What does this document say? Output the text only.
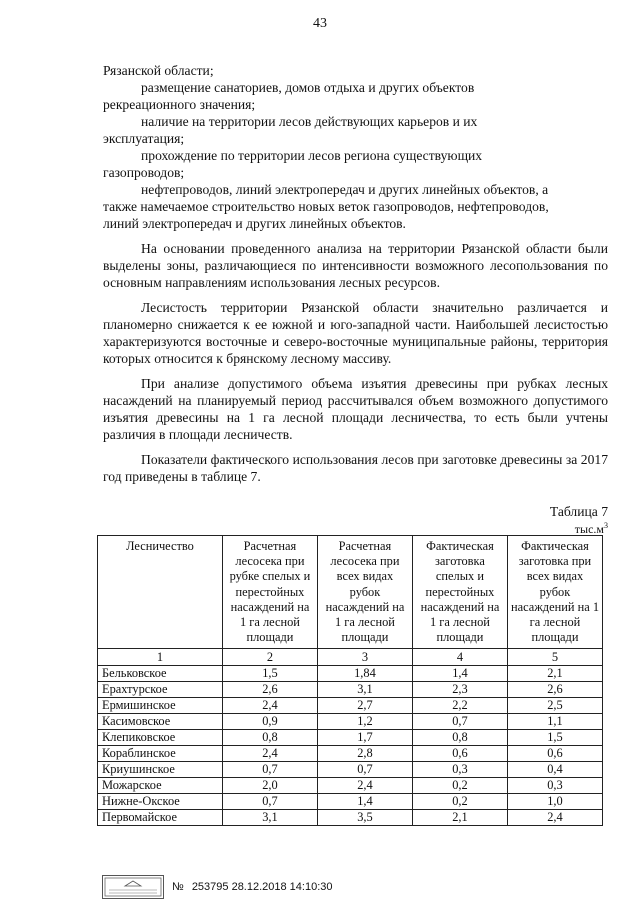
43

Рязанской области;

размещение санаториев, домов отдыха и других объектов

рекреационного значения;

наличие на территории лесов действующих карьеров и их

эксплуатация;

прохождение по территории лесов региона существующих

газопроводов;

нефтепроводов, линий электропередач и других линейных объектов, а

также намечаемое строительство новых веток газопроводов, нефтепроводов,

линий электропередач и других линейных объектов.

На основании проведенного анализа на территории Рязанской области были выделены зоны, различающиеся по интенсивности возможного лесопользования по основным направлениям использования лесных ресурсов.

Лесистость территории Рязанской области значительно различается и планомерно снижается к ее южной и юго-западной части. Наибольшей лесистостью характеризуются восточные и северо-восточные муниципальные районы, территория которых относится к брянскому лесному массиву.

При анализе допустимого объема изъятия древесины при рубках лесных насаждений на планируемый период рассчитывался объем возможного допустимого изъятия древесины на 1 га лесной площади лесничества, то есть были учтены различия в площади лесничеств.

Показатели фактического использования лесов при заготовке древесины за 2017 год приведены в таблице 7.

Таблица 7
$тыс.м^3$
Лесничество	Расчетная лесосека при рубке спелых и перестойных насаждений на 1 га лесной площади	Расчетная лесосека при всех видах рубок насаждений на 1 га лесной площади	Фактическая заготовка спелых и перестойных насаждений на 1 га лесной площади	Фактическая заготовка при всех видах рубок насаждений на 1 га лесной площади
1	2	3	4	5
Бельковское	1,5	1,84	1,4	2,1
Ерахтурское	2,6	3,1	2,3	2,6
Ермишинское	2,4	2,7	2,2	2,5
Касимовское	0,9	1,2	0,7	1,1
Клепиковское	0,8	1,7	0,8	1,5
Кораблинское	2,4	2,8	0,6	0,6
Криушинское	0,7	0,7	0,3	0,4
Можарское	2,0	2,4	0,2	0,3
Нижне-Окское	0,7	1,4	0,2	1,0
Первомайское	3,1	3,5	2,1	2,4
№ 253795 28.12.2018 14:10:30
